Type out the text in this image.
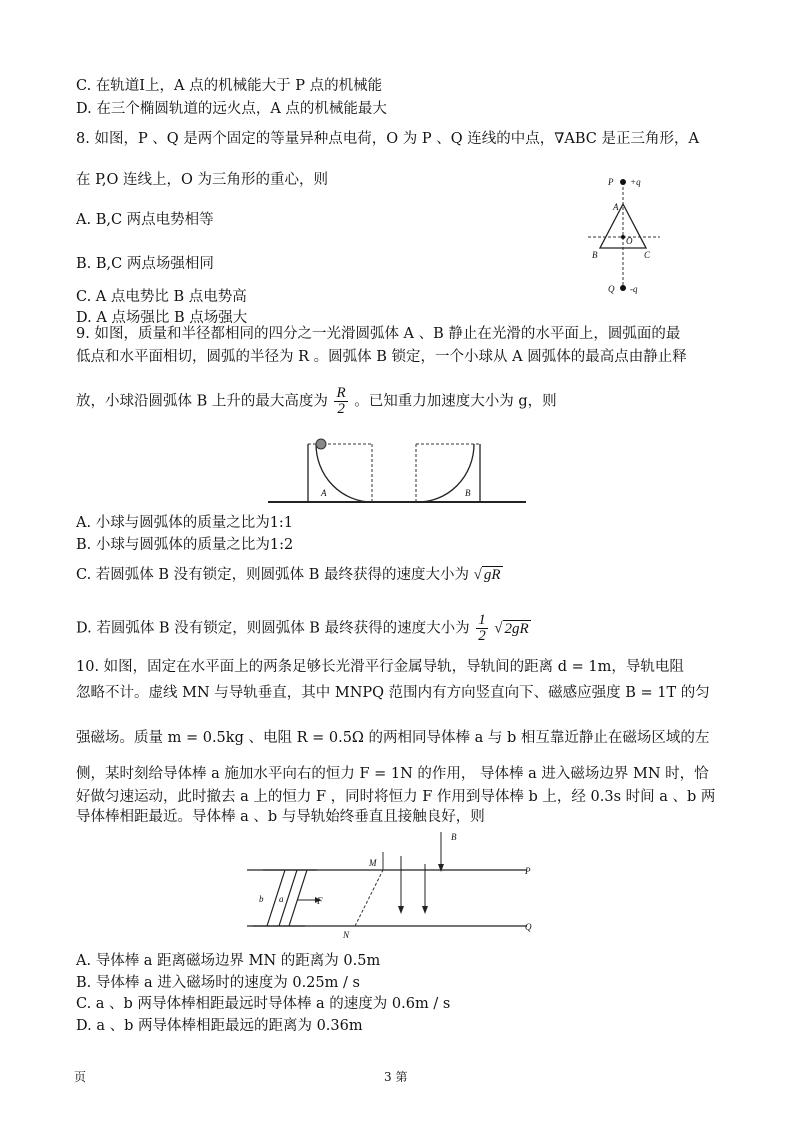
C. 在轨道Ⅰ上，A 点的机械能大于 P 点的机械能
D. 在三个椭圆轨道的远火点，A 点的机械能最大
8. 如图，P 、Q 是两个固定的等量异种点电荷，O 为 P 、Q 连线的中点，∇ABC 是正三角形，A
在 P,O 连线上，O 为三角形的重心，则
A. B,C 两点电势相等
B. B,C 两点场强相同
C. A 点电势比 B 点电势高
D. A 点场强比 B 点场强大
P +q
A
O
B	C
Q -q
9. 如图，质量和半径都相同的四分之一光滑圆弧体 A 、B 静止在光滑的水平面上，圆弧面的最
低点和水平面相切，圆弧的半径为 R 。圆弧体 B 锁定，一个小球从 A 圆弧体的最高点由静止释
放，小球沿圆弧体 B 上升的最大高度为 $\frac{R}{2}$ 。已知重力加速度大小为 g，则
A	B
A. 小球与圆弧体的质量之比为1:1
B. 小球与圆弧体的质量之比为1:2
C. 若圆弧体 B 没有锁定，则圆弧体 B 最终获得的速度大小为 √ gR
D. 若圆弧体 B 没有锁定，则圆弧体 B 最终获得的速度大小为 $\frac{1}{2}$ √ 2gR
10. 如图，固定在水平面上的两条足够长光滑平行金属导轨，导轨间的距离 d = 1m，导轨电阻
忽略不计。虚线 MN 与导轨垂直，其中 MNPQ 范围内有方向竖直向下、磁感应强度 B = 1T 的匀
强磁场。质量 m = 0.5kg 、电阻 R = 0.5Ω 的两相同导体棒 a 与 b 相互靠近静止在磁场区域的左
侧，某时刻给导体棒 a 施加水平向右的恒力 F = 1N 的作用， 导体棒 a 进入磁场边界 MN 时，恰
好做匀速运动，此时撤去 a 上的恒力 F ，同时将恒力 F 作用到导体棒 b 上，经 0.3s 时间 a 、b 两
导体棒相距最近。导体棒 a 、b 与导轨始终垂直且接触良好，则
F
b a
M
N
B
P
Q
A. 导体棒 a 距离磁场边界 MN 的距离为 0.5m
B. 导体棒 a 进入磁场时的速度为 0.25m / s
C. a 、b 两导体棒相距最远时导体棒 a 的速度为 0.6m / s
D. a 、b 两导体棒相距最远的距离为 0.36m
页	3 第
